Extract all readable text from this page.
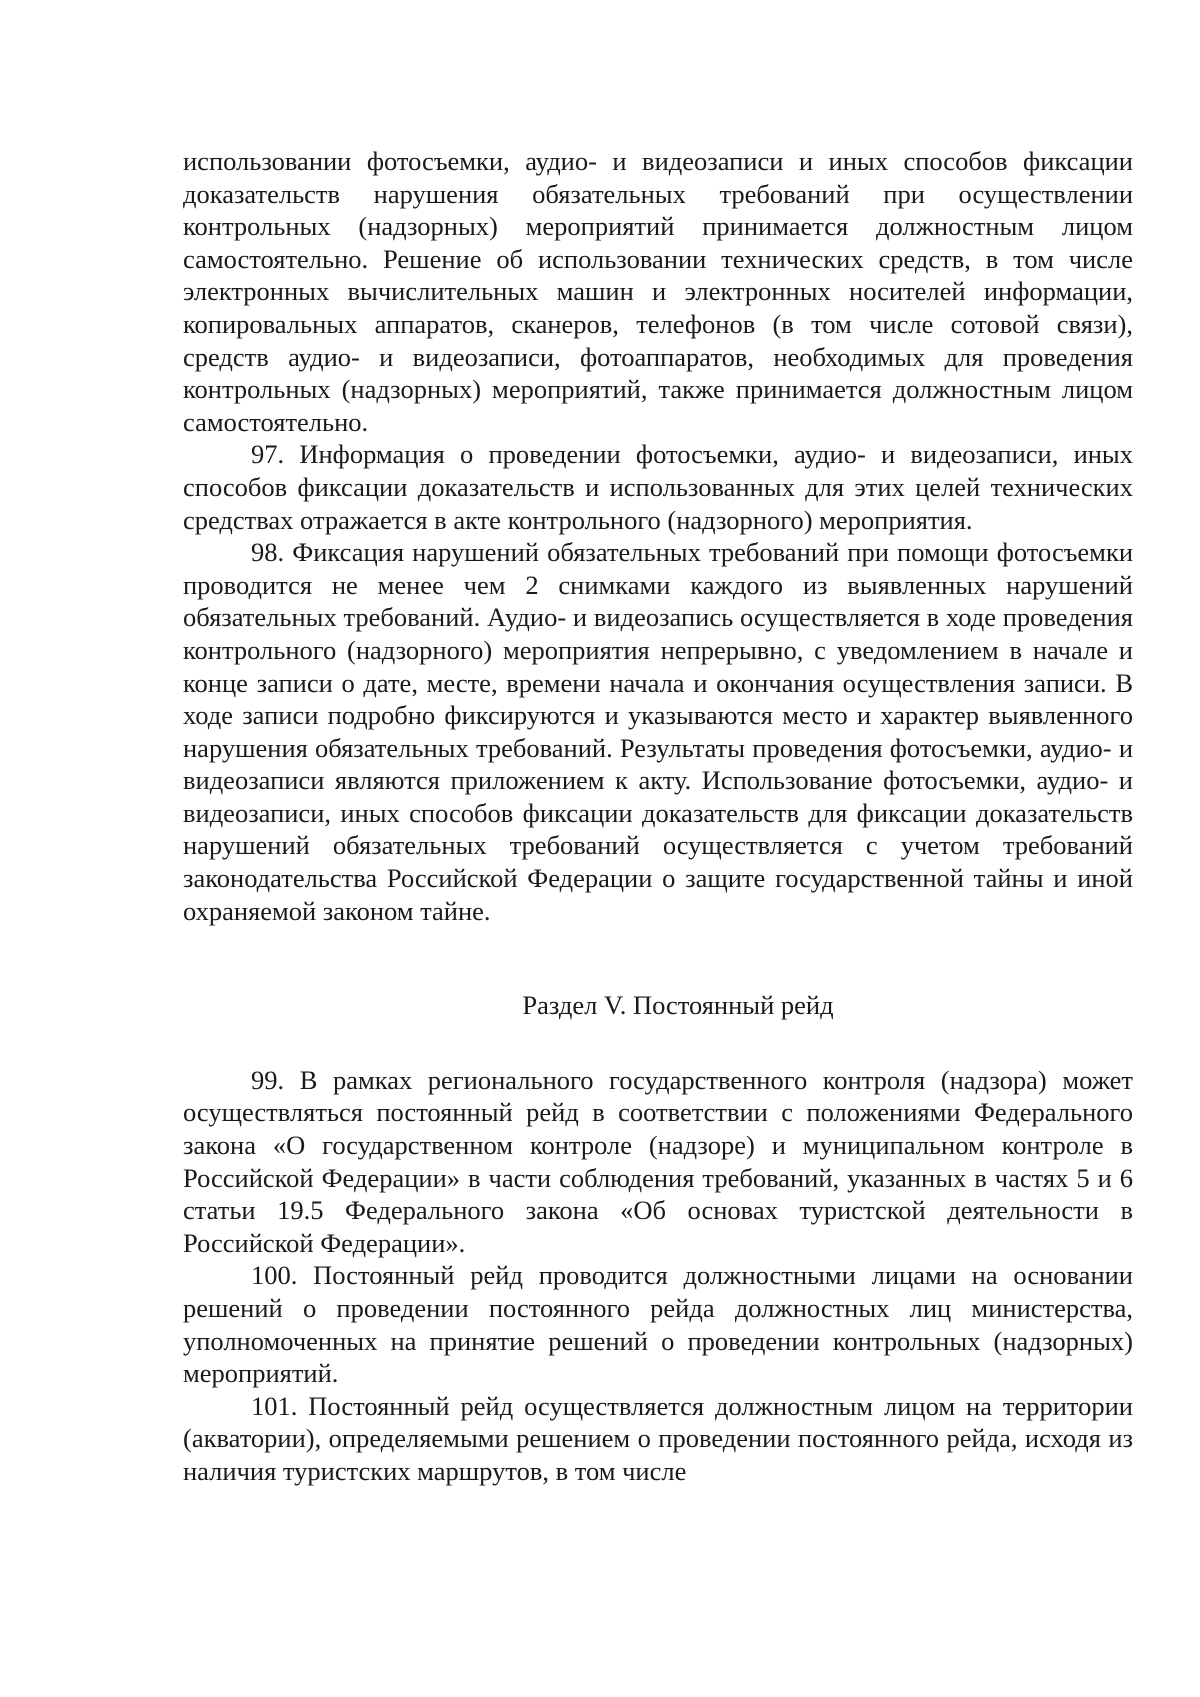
использовании фотосъемки, аудио- и видеозаписи и иных способов фиксации доказательств нарушения обязательных требований при осуществлении контрольных (надзорных) мероприятий принимается должностным лицом самостоятельно. Решение об использовании технических средств, в том числе электронных вычислительных машин и электронных носителей информации, копировальных аппаратов, сканеров, телефонов (в том числе сотовой связи), средств аудио- и видеозаписи, фотоаппаратов, необходимых для проведения контрольных (надзорных) мероприятий, также принимается должностным лицом самостоятельно.

97. Информация о проведении фотосъемки, аудио- и видеозаписи, иных способов фиксации доказательств и использованных для этих целей технических средствах отражается в акте контрольного (надзорного) мероприятия.

98. Фиксация нарушений обязательных требований при помощи фотосъемки проводится не менее чем 2 снимками каждого из выявленных нарушений обязательных требований. Аудио- и видеозапись осуществляется в ходе проведения контрольного (надзорного) мероприятия непрерывно, с уведомлением в начале и конце записи о дате, месте, времени начала и окончания осуществления записи. В ходе записи подробно фиксируются и указываются место и характер выявленного нарушения обязательных требований. Результаты проведения фотосъемки, аудио- и видеозаписи являются приложением к акту. Использование фотосъемки, аудио- и видеозаписи, иных способов фиксации доказательств для фиксации доказательств нарушений обязательных требований осуществляется с учетом требований законодательства Российской Федерации о защите государственной тайны и иной охраняемой законом тайне.

Раздел V. Постоянный рейд

99. В рамках регионального государственного контроля (надзора) может осуществляться постоянный рейд в соответствии с положениями Федерального закона «О государственном контроле (надзоре) и муниципальном контроле в Российской Федерации» в части соблюдения требований, указанных в частях 5 и 6 статьи 19.5 Федерального закона «Об основах туристской деятельности в Российской Федерации».

100. Постоянный рейд проводится должностными лицами на основании решений о проведении постоянного рейда должностных лиц министерства, уполномоченных на принятие решений о проведении контрольных (надзорных) мероприятий.

101. Постоянный рейд осуществляется должностным лицом на территории (акватории), определяемыми решением о проведении постоянного рейда, исходя из наличия туристских маршрутов, в том числе
